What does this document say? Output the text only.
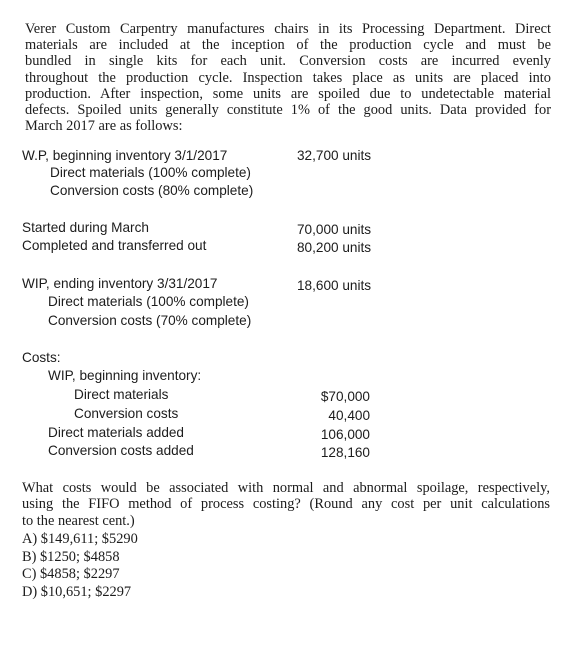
Verer Custom Carpentry manufactures chairs in its Processing Department. Direct
materials are included at the inception of the production cycle and must be
bundled in single kits for each unit. Conversion costs are incurred evenly
throughout the production cycle. Inspection takes place as units are placed into
production. After inspection, some units are spoiled due to undetectable material
defects. Spoiled units generally constitute 1% of the good units. Data provided for
March 2017 are as follows:
W.P, beginning inventory 3/1/2017	32,700 units
Direct materials (100% complete)
Conversion costs (80% complete)
Started during March	70,000 units
Completed and transferred out	80,200 units
WIP, ending inventory 3/31/2017	18,600 units
Direct materials (100% complete)
Conversion costs (70% complete)
Costs:
WIP, beginning inventory:
Direct materials	$70,000
Conversion costs	40,400
Direct materials added	106,000
Conversion costs added	128,160
What costs would be associated with normal and abnormal spoilage, respectively,
using the FIFO method of process costing? (Round any cost per unit calculations
to the nearest cent.)
A) $149,611; $5290
B) $1250; $4858
C) $4858; $2297
D) $10,651; $2297
